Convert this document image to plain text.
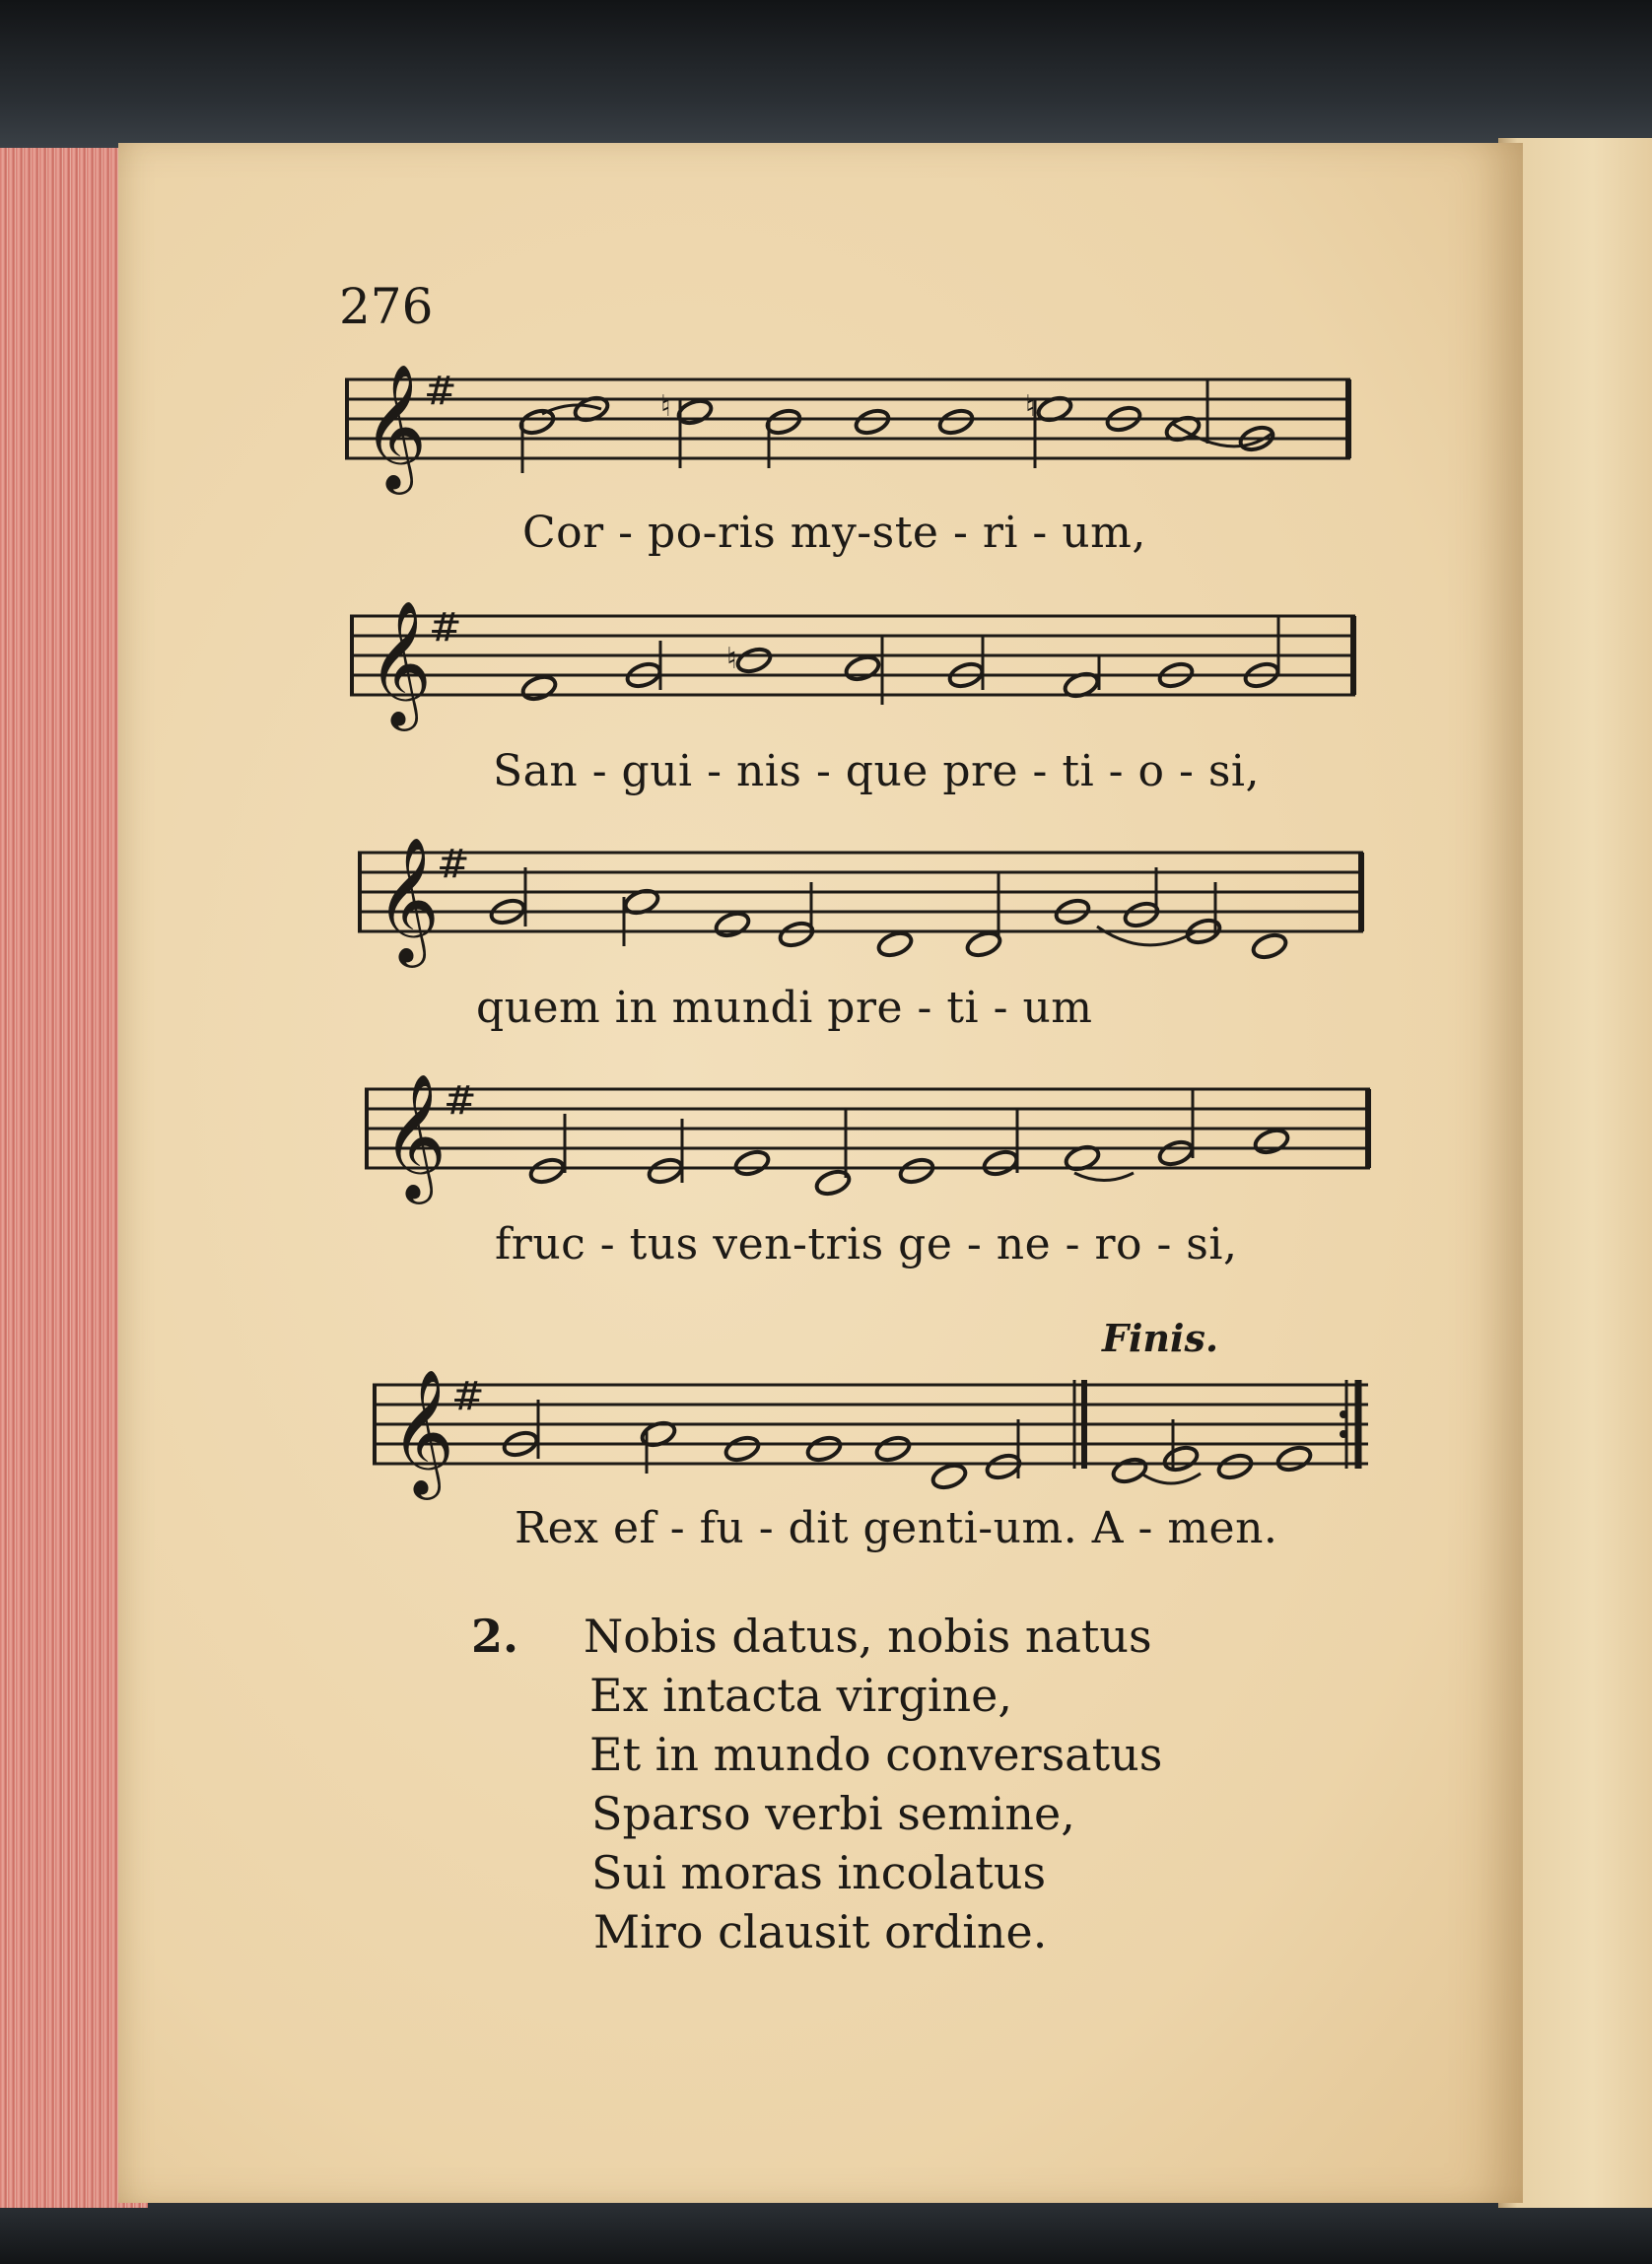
276

𝄞
#	♮	♮

Cor - po-ris my-ste - ri - um,

𝄞
#
♮

San - gui - nis - que pre - ti - o - si,

𝄞
#

quem in mundi pre - ti - um

𝄞
#

fruc - tus ven-tris ge - ne - ro - si,

Finis.

𝄞
#

Rex ef - fu - dit genti-um. A - men.

2. Nobis datus, nobis natus
Ex intacta virgine,
Et in mundo conversatus
Sparso verbi semine,
Sui moras incolatus
Miro clausit ordine.
